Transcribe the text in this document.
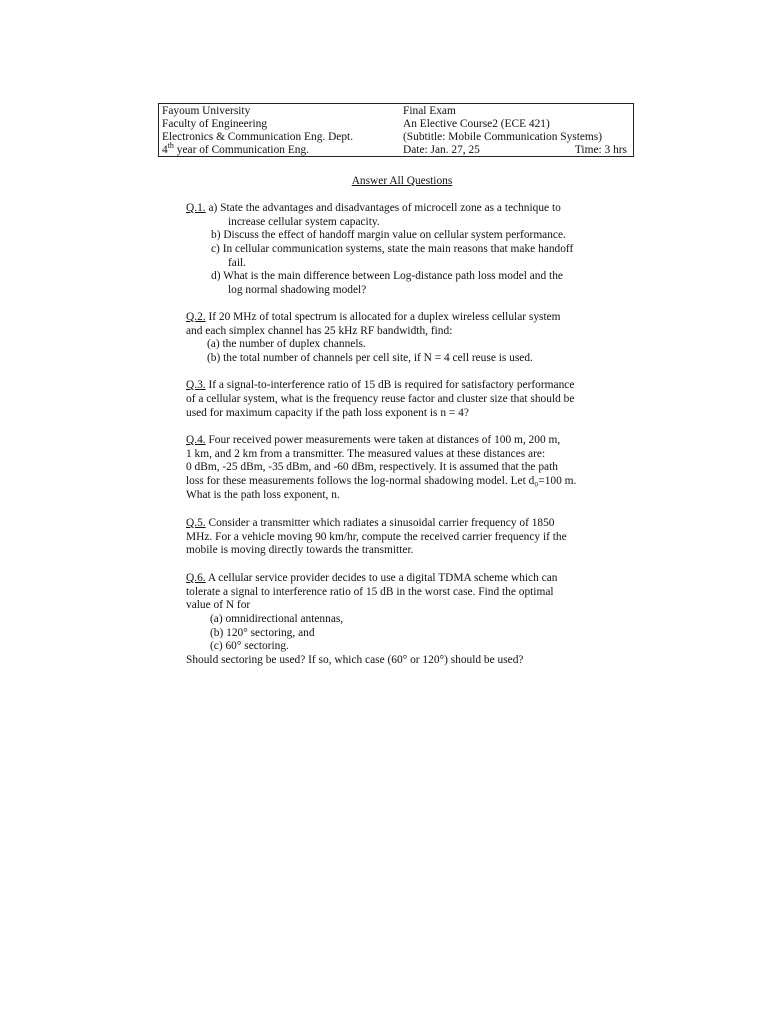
Fayoum University	Final Exam
Faculty of Engineering	An Elective Course2 (ECE 421)
Electronics & Communication Eng. Dept.	(Subtitle: Mobile Communication Systems)
4th year of Communication Eng.	Date: Jan. 27, 25	Time: 3 hrs
Answer All Questions
Q.1. a) State the advantages and disadvantages of microcell zone as a technique to
increase cellular system capacity.
b) Discuss the effect of handoff margin value on cellular system performance.
c) In cellular communication systems, state the main reasons that make handoff
fail.
d) What is the main difference between Log-distance path loss model and the
log normal shadowing model?
Q.2. If 20 MHz of total spectrum is allocated for a duplex wireless cellular system
and each simplex channel has 25 kHz RF bandwidth, find:
(a) the number of duplex channels.
(b) the total number of channels per cell site, if N = 4 cell reuse is used.
Q.3. If a signal-to-interference ratio of 15 dB is required for satisfactory performance
of a cellular system, what is the frequency reuse factor and cluster size that should be
used for maximum capacity if the path loss exponent is n = 4?
Q.4. Four received power measurements were taken at distances of 100 m, 200 m,
1 km, and 2 km from a transmitter. The measured values at these distances are:
0 dBm, -25 dBm, -35 dBm, and -60 dBm, respectively. It is assumed that the path
loss for these measurements follows the log-normal shadowing model. Let d₀=100 m.
What is the path loss exponent, n.
Q.5. Consider a transmitter which radiates a sinusoidal carrier frequency of 1850
MHz. For a vehicle moving 90 km/hr, compute the received carrier frequency if the
mobile is moving directly towards the transmitter.
Q.6. A cellular service provider decides to use a digital TDMA scheme which can
tolerate a signal to interference ratio of 15 dB in the worst case. Find the optimal
value of N for
(a) omnidirectional antennas,
(b) 120° sectoring, and
(c) 60° sectoring.
Should sectoring be used? If so, which case (60° or 120°) should be used?
